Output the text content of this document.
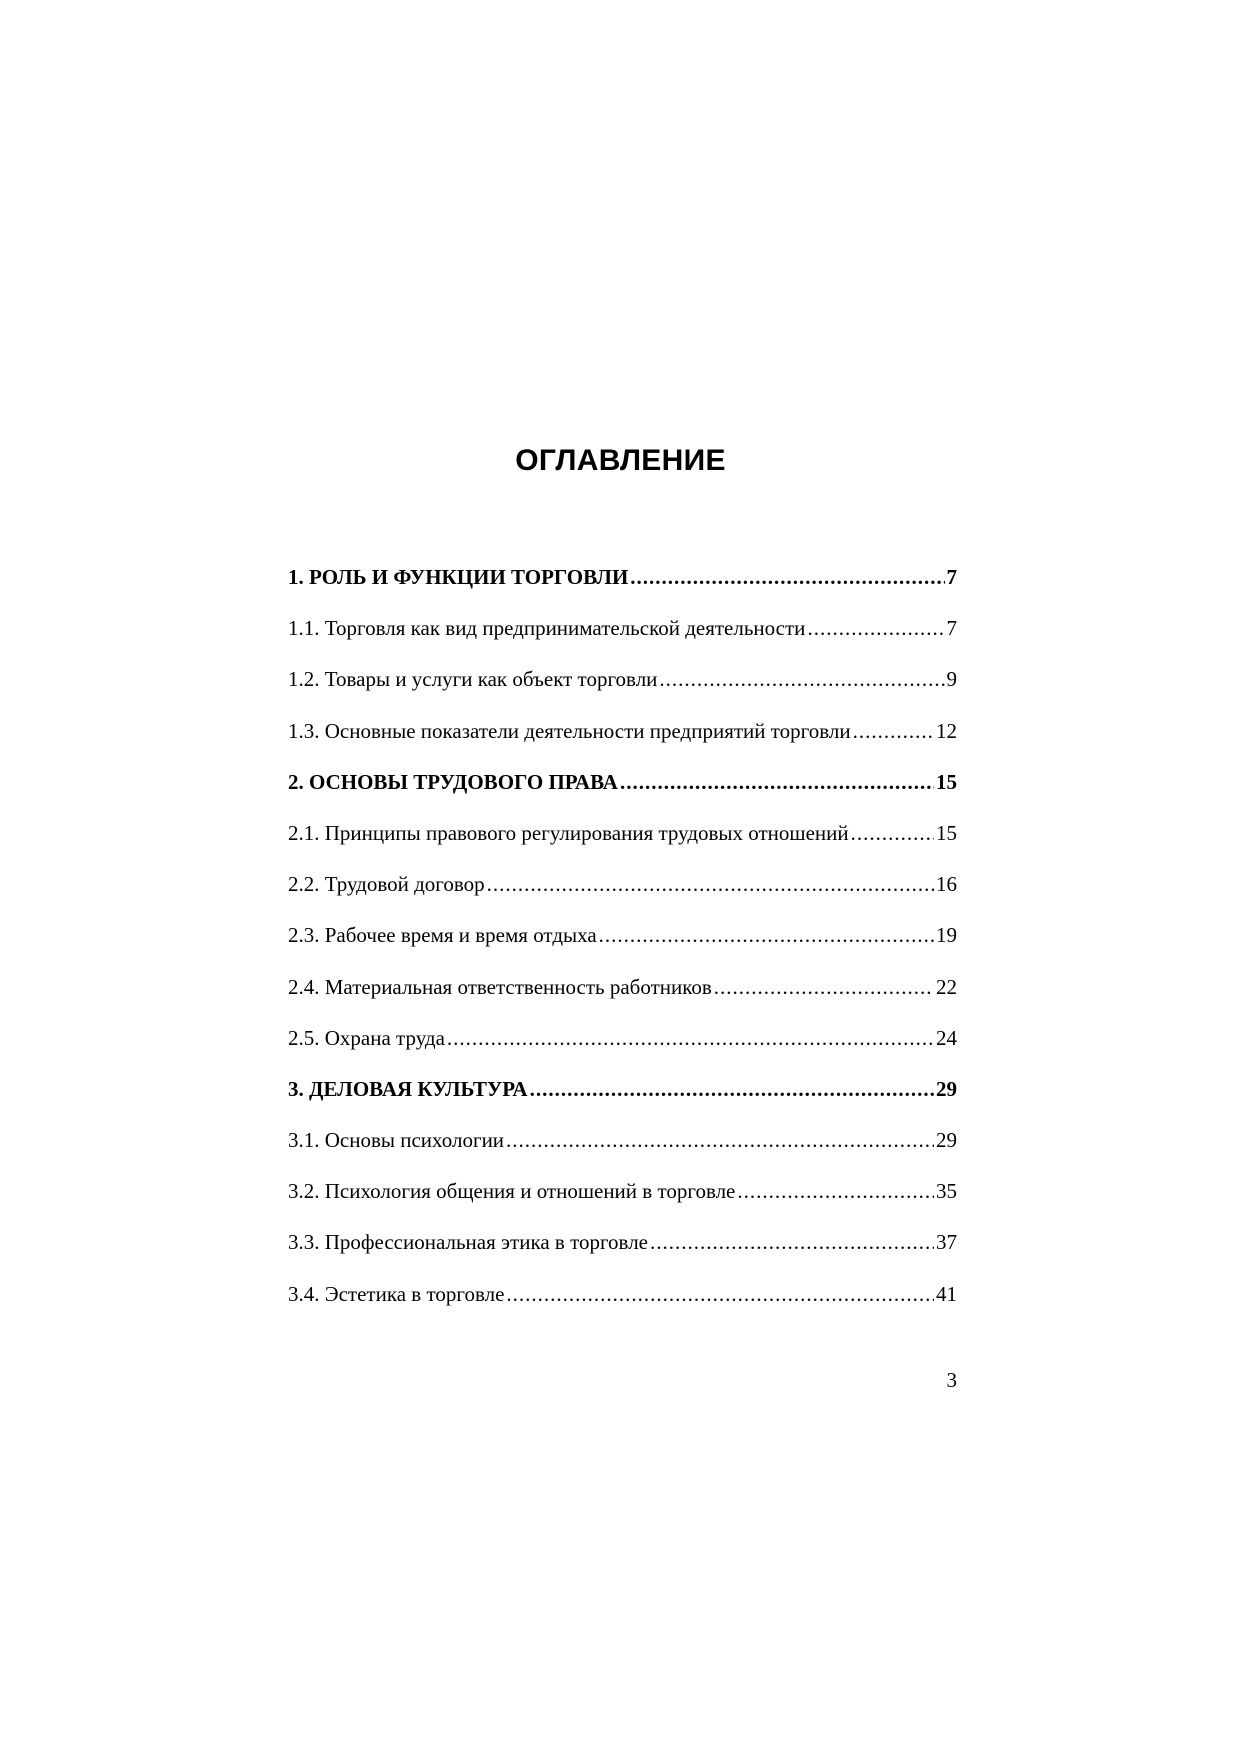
ОГЛАВЛЕНИЕ
1. РОЛЬ И ФУНКЦИИ ТОРГОВЛИ .....	7
1.1. Торговля как вид предпринимательской деятельности .....	7
1.2. Товары и услуги как объект торговли .....	9
1.3. Основные показатели деятельности предприятий торговли .....	12
2. ОСНОВЫ ТРУДОВОГО ПРАВА .....	15
2.1. Принципы правового регулирования трудовых отношений .....	15
2.2. Трудовой договор .....	16
2.3. Рабочее время и время отдыха .....	19
2.4. Материальная ответственность работников .....	22
2.5. Охрана труда .....	24
3. ДЕЛОВАЯ КУЛЬТУРА .....	29
3.1. Основы психологии .....	29
3.2. Психология общения и отношений в торговле .....	35
3.3. Профессиональная этика в торговле .....	37
3.4. Эстетика в торговле .....	41
3
